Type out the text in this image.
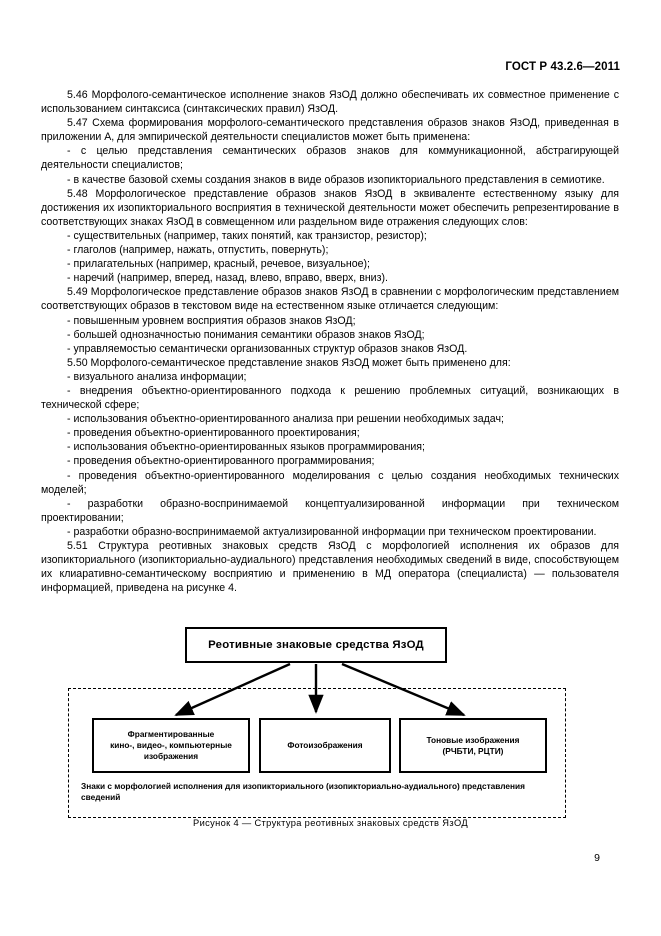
ГОСТ Р 43.2.6—2011

5.46 Морфолого-семантическое исполнение знаков ЯзОД должно обеспечивать их совместное применение с использованием синтаксиса (синтаксических правил) ЯзОД.

5.47 Схема формирования морфолого-семантического представления образов знаков ЯзОД, приведенная в приложении А, для эмпирической деятельности специалистов может быть применена:

- с целью представления семантических образов знаков для коммуникационной, абстрагирующей деятельности специалистов;

- в качестве базовой схемы создания знаков в виде образов изопикториального представления в семиотике.

5.48 Морфологическое представление образов знаков ЯзОД в эквиваленте естественному языку для достижения их изопикториального восприятия в технической деятельности может обеспечить репрезентирование в соответствующих знаках ЯзОД в совмещенном или раздельном виде отражения следующих слов:

- существительных (например, таких понятий, как транзистор, резистор);

- глаголов (например, нажать, отпустить, повернуть);

- прилагательных (например, красный, речевое, визуальное);

- наречий (например, вперед, назад, влево, вправо, вверх, вниз).

5.49 Морфологическое представление образов знаков ЯзОД в сравнении с морфологическим представлением соответствующих образов в текстовом виде на естественном языке отличается следующим:

- повышенным уровнем восприятия образов знаков ЯзОД;

- большей однозначностью понимания семантики образов знаков ЯзОД;

- управляемостью семантически организованных структур образов знаков ЯзОД.

5.50 Морфолого-семантическое представление знаков ЯзОД может быть применено для:

- визуального анализа информации;

- внедрения объектно-ориентированного подхода к решению проблемных ситуаций, возникающих в технической сфере;

- использования объектно-ориентированного анализа при решении необходимых задач;

- проведения объектно-ориентированного проектирования;

- использования объектно-ориентированных языков программирования;

- проведения объектно-ориентированного программирования;

- проведения объектно-ориентированного моделирования с целью создания необходимых технических моделей;

- разработки образно-воспринимаемой концептуализированной информации при техническом проектировании;

- разработки образно-воспринимаемой актуализированной информации при техническом проектировании.

5.51 Структура реотивных знаковых средств ЯзОД с морфологией исполнения их образов для изопикториального (изопикториально-аудиального) представления необходимых сведений в виде, способствующем их клиаративно-семантическому восприятию и применению в МД оператора (специалиста) — пользователя информацией, приведена на рисунке 4.

Реотивные знаковые средства ЯзОД
Фрагментированные
кино-, видео-, компьютерные
изображения
Фотоизображения
Тоновые изображения
(РЧБТИ, РЦТИ)
Знаки с морфологией исполнения для изопикториального (изопикториально-аудиального) представления сведений
Рисунок 4 — Структура реотивных знаковых средств ЯзОД
9
